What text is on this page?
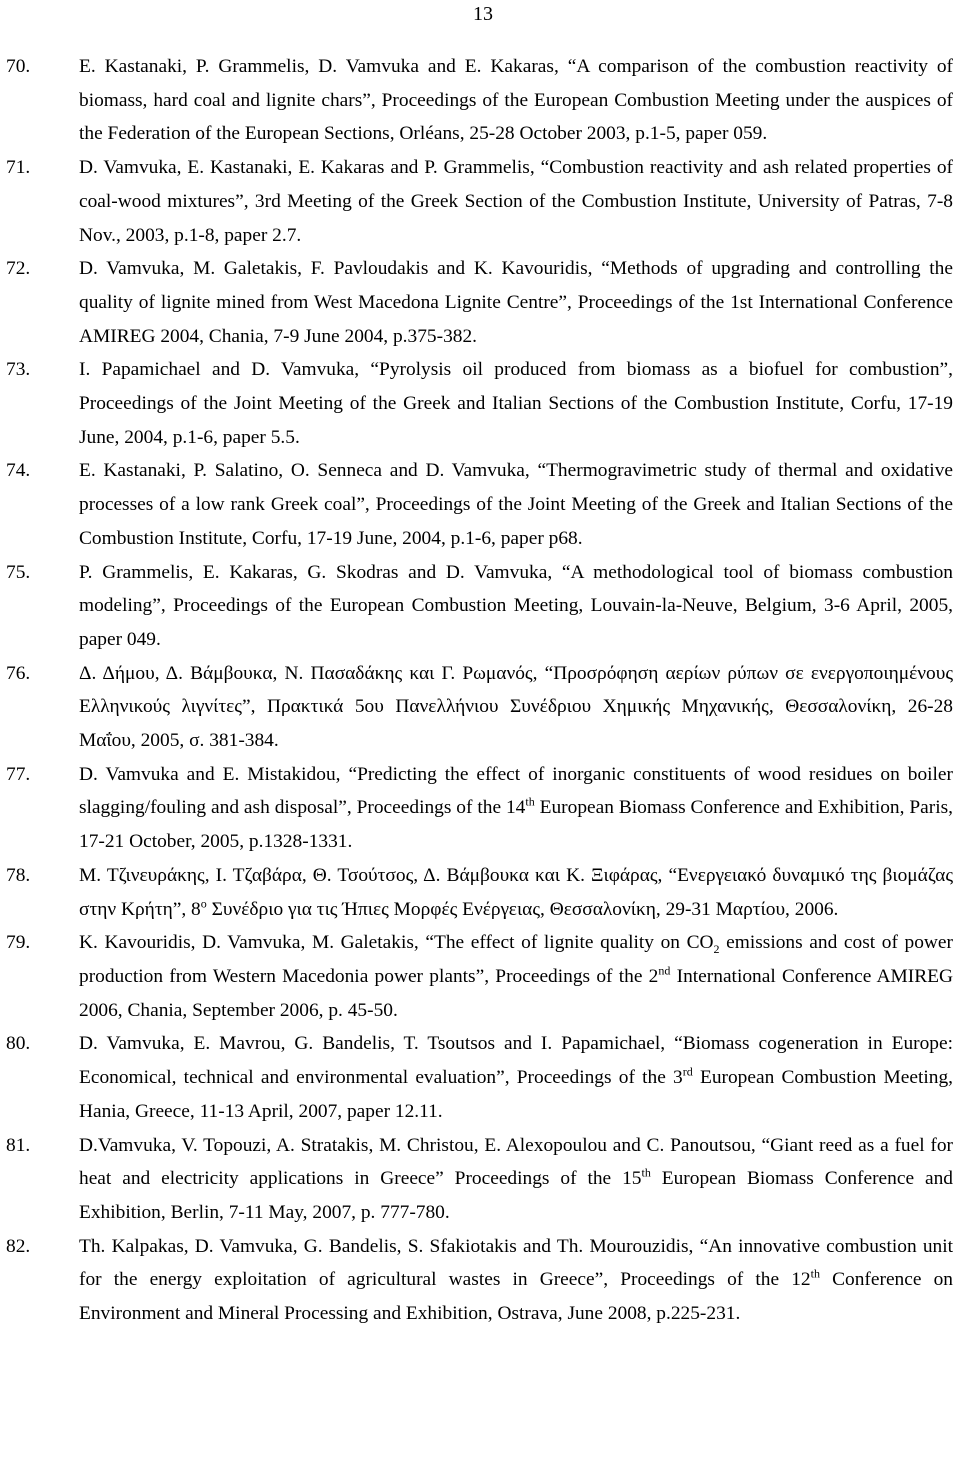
13
70.	E. Kastanaki, P. Grammelis, D. Vamvuka and E. Kakaras, “A comparison of the combustion reactivity of biomass, hard coal and lignite chars”, Proceedings of the European Combustion Meeting under the auspices of the Federation of the European Sections, Orléans, 25-28 October 2003, p.1-5, paper 059.
71.	D. Vamvuka, E. Kastanaki, E. Kakaras and P. Grammelis, “Combustion reactivity and ash related properties of coal-wood mixtures”, 3rd Meeting of the Greek Section of the Combustion Institute, University of Patras, 7-8 Nov., 2003, p.1-8, paper 2.7.
72.	D. Vamvuka, M. Galetakis, F. Pavloudakis and K. Kavouridis, “Methods of upgrading and controlling the quality of lignite mined from West Macedona Lignite Centre”, Proceedings of the 1st International Conference AMIREG 2004, Chania, 7-9 June 2004, p.375-382.
73.	I. Papamichael and D. Vamvuka, “Pyrolysis oil produced from biomass as a biofuel for combustion”, Proceedings of the Joint Meeting of the Greek and Italian Sections of the Combustion Institute, Corfu, 17-19 June, 2004, p.1-6, paper 5.5.
74.	E. Kastanaki, P. Salatino, O. Senneca and D. Vamvuka, “Thermogravimetric study of thermal and oxidative processes of a low rank Greek coal”, Proceedings of the Joint Meeting of the Greek and Italian Sections of the Combustion Institute, Corfu, 17-19 June, 2004, p.1-6, paper p68.
75.	P. Grammelis, E. Kakaras, G. Skodras and D. Vamvuka, “A methodological tool of biomass combustion modeling”, Proceedings of the European Combustion Meeting, Louvain-la-Neuve, Belgium, 3-6 April, 2005, paper 049.
76.	Δ. Δήμου, Δ. Βάμβουκα, Ν. Πασαδάκης και Γ. Ρωμανός, “Προσρόφηση αερίων ρύπων σε ενεργοποιημένους Ελληνικούς λιγνίτες”, Πρακτικά 5ου Πανελλήνιου Συνέδριου Χημικής Μηχανικής, Θεσσαλονίκη, 26-28 Μαΐου, 2005, σ. 381-384.
77.	D. Vamvuka and E. Mistakidou, “Predicting the effect of inorganic constituents of wood residues on boiler slagging/fouling and ash disposal”, Proceedings of the 14th European Biomass Conference and Exhibition, Paris, 17-21 October, 2005, p.1328-1331.
78.	Μ. Τζινευράκης, Ι. Τζαβάρα, Θ. Τσούτσος, Δ. Βάμβουκα και Κ. Ξιφάρας, “Ενεργειακό δυναμικό της βιομάζας στην Κρήτη”, $8^o$ Συνέδριο για τις Ήπιες Μορφές Ενέργειας, Θεσσαλονίκη, 29-31 Μαρτίου, 2006.
79.	K. Kavouridis, D. Vamvuka, M. Galetakis, “The effect of lignite quality on $CO_2$ emissions and cost of power production from Western Macedonia power plants”, Proceedings of the 2nd International Conference AMIREG 2006, Chania, September 2006, p. 45-50.
80.	D. Vamvuka, E. Mavrou, G. Bandelis, T. Tsoutsos and I. Papamichael, “Biomass cogeneration in Europe: Economical, technical and environmental evaluation”, Proceedings of the 3rd European Combustion Meeting, Hania, Greece, 11-13 April, 2007, paper 12.11.
81.	D.Vamvuka, V. Topouzi, A. Stratakis, M. Christou, E. Alexopoulou and C. Panoutsou, “Giant reed as a fuel for heat and electricity applications in Greece” Proceedings of the 15th European Biomass Conference and Exhibition, Berlin, 7-11 May, 2007, p. 777-780.
82.	Th. Kalpakas, D. Vamvuka, G. Bandelis, S. Sfakiotakis and Th. Mourouzidis, “An innovative combustion unit for the energy exploitation of agricultural wastes in Greece”, Proceedings of the 12th Conference on Environment and Mineral Processing and Exhibition, Ostrava, June 2008, p.225-231.
